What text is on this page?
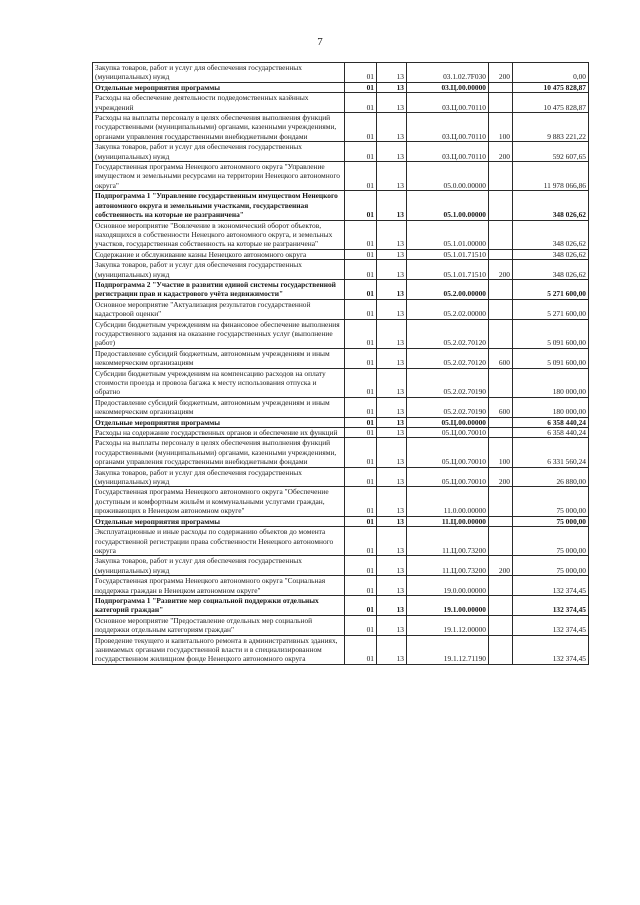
7
Закупка товаров, работ и услуг для обеспечения государственных (муниципальных) нужд	01	13	03.1.02.7F030	200	0,00
Отдельные мероприятия программы	01	13	03.Ц.00.00000		10 475 828,87
Расходы на обеспечение деятельности подведомственных казённых учреждений	01	13	03.Ц.00.70110		10 475 828,87
Расходы на выплаты персоналу в целях обеспечения выполнения функций государственными (муниципальными) органами, казенными учреждениями, органами управления государственными внебюджетными фондами	01	13	03.Ц.00.70110	100	9 883 221,22
Закупка товаров, работ и услуг для обеспечения государственных (муниципальных) нужд	01	13	03.Ц.00.70110	200	592 607,65
Государственная программа Ненецкого автономного округа "Управление имуществом и земельными ресурсами на территории Ненецкого автономного округа"	01	13	05.0.00.00000		11 978 066,86
Подпрограмма 1 "Управление государственным имуществом Ненецкого автономного округа и земельными участками, государственная собственность на которые не разграничена"	01	13	05.1.00.00000		348 026,62
Основное мероприятие "Вовлечение в экономический оборот объектов, находящихся в собственности Ненецкого автономного округа, и земельных участков, государственная собственность на которые не разграничена"	01	13	05.1.01.00000		348 026,62
Содержание и обслуживание казны Ненецкого автономного округа	01	13	05.1.01.71510		348 026,62
Закупка товаров, работ и услуг для обеспечения государственных (муниципальных) нужд	01	13	05.1.01.71510	200	348 026,62
Подпрограмма 2 "Участие в развитии единой системы государственной регистрации прав и кадастрового учёта недвижимости"	01	13	05.2.00.00000		5 271 600,00
Основное мероприятие "Актуализация результатов государственной кадастровой оценки"	01	13	05.2.02.00000		5 271 600,00
Субсидии бюджетным учреждениям на финансовое обеспечение выполнения государственного задания на оказание государственных услуг (выполнение работ)	01	13	05.2.02.70120		5 091 600,00
Предоставление субсидий бюджетным, автономным учреждениям и иным некоммерческим организациям	01	13	05.2.02.70120	600	5 091 600,00
Субсидии бюджетным учреждениям на компенсацию расходов на оплату стоимости проезда и провоза багажа к месту использования отпуска и обратно	01	13	05.2.02.70190		180 000,00
Предоставление субсидий бюджетным, автономным учреждениям и иным некоммерческим организациям	01	13	05.2.02.70190	600	180 000,00
Отдельные мероприятия программы	01	13	05.Ц.00.00000		6 358 440,24
Расходы на содержание государственных органов и обеспечение их функций	01	13	05.Ц.00.70010		6 358 440,24
Расходы на выплаты персоналу в целях обеспечения выполнения функций государственными (муниципальными) органами, казенными учреждениями, органами управления государственными внебюджетными фондами	01	13	05.Ц.00.70010	100	6 331 560,24
Закупка товаров, работ и услуг для обеспечения государственных (муниципальных) нужд	01	13	05.Ц.00.70010	200	26 880,00
Государственная программа Ненецкого автономного округа "Обеспечение доступным и комфортным жильём и коммунальными услугами граждан, проживающих в Ненецком автономном округе"	01	13	11.0.00.00000		75 000,00
Отдельные мероприятия программы	01	13	11.Ц.00.00000		75 000,00
Эксплуатационные и иные расходы по содержанию объектов до момента государственной регистрации права собственности Ненецкого автономного округа	01	13	11.Ц.00.73200		75 000,00
Закупка товаров, работ и услуг для обеспечения государственных (муниципальных) нужд	01	13	11.Ц.00.73200	200	75 000,00
Государственная программа Ненецкого автономного округа "Социальная поддержка граждан в Ненецком автономном округе"	01	13	19.0.00.00000		132 374,45
Подпрограмма 1 "Развитие мер социальной поддержки отдельных категорий граждан"	01	13	19.1.00.00000		132 374,45
Основное мероприятие "Предоставление отдельных мер социальной поддержки отдельным категориям граждан"	01	13	19.1.12.00000		132 374,45
Проведение текущего и капитального ремонта в административных зданиях, занимаемых органами государственной власти и в специализированном государственном жилищном фонде Ненецкого автономного округа	01	13	19.1.12.71190		132 374,45
